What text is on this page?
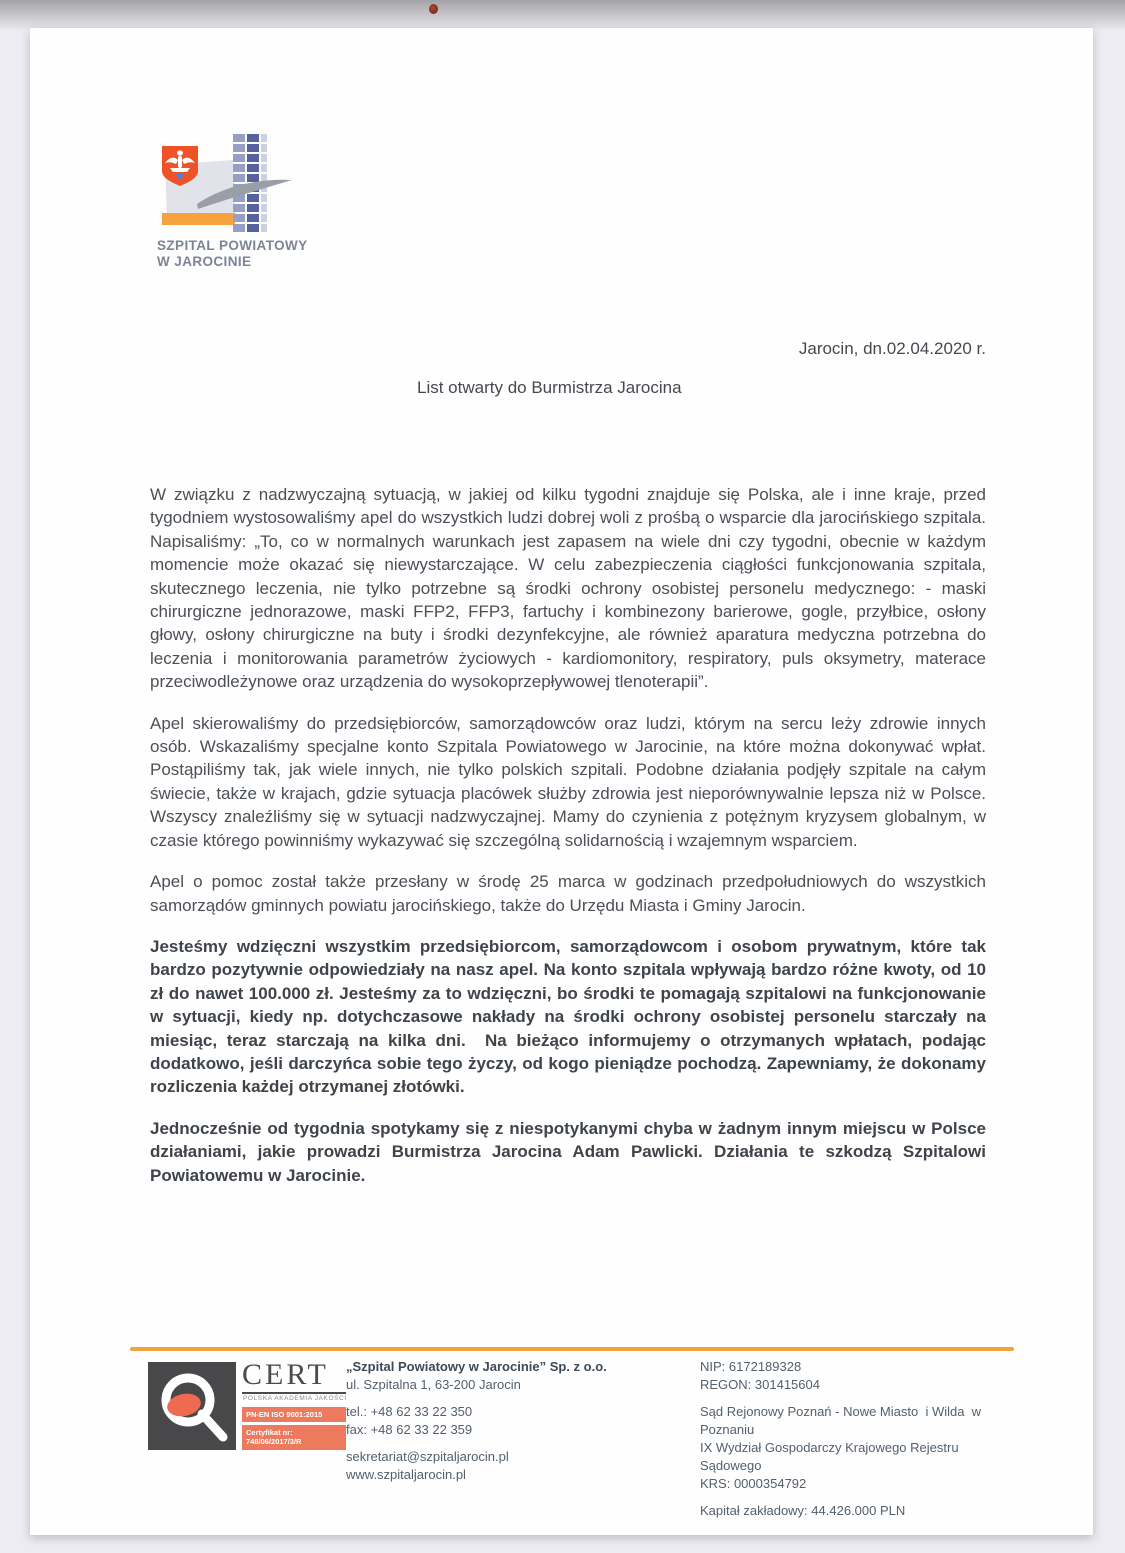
SZPITAL POWIATOWY
W JAROCINIE
Jarocin, dn.02.04.2020 r.
List otwarty do Burmistrza Jarocina

W związku z nadzwyczajną sytuacją, w jakiej od kilku tygodni znajduje się Polska, ale i inne kraje, przed tygodniem wystosowaliśmy apel do wszystkich ludzi dobrej woli z prośbą o wsparcie dla jarocińskiego szpitala. Napisaliśmy: „To, co w normalnych warunkach jest zapasem na wiele dni czy tygodni, obecnie w każdym momencie może okazać się niewystarczające. W celu zabezpieczenia ciągłości funkcjonowania szpitala, skutecznego leczenia, nie tylko potrzebne są środki ochrony osobistej personelu medycznego: - maski chirurgiczne jednorazowe, maski FFP2, FFP3, fartuchy i kombinezony barierowe, gogle, przyłbice, osłony głowy, osłony chirurgiczne na buty i środki dezynfekcyjne, ale również aparatura medyczna potrzebna do leczenia i monitorowania parametrów życiowych - kardiomonitory, respiratory, puls oksymetry, materace przeciwodleżynowe oraz urządzenia do wysokoprzepływowej tlenoterapii”.

Apel skierowaliśmy do przedsiębiorców, samorządowców oraz ludzi, którym na sercu leży zdrowie innych osób. Wskazaliśmy specjalne konto Szpitala Powiatowego w Jarocinie, na które można dokonywać wpłat. Postąpiliśmy tak, jak wiele innych, nie tylko polskich szpitali. Podobne działania podjęły szpitale na całym świecie, także w krajach, gdzie sytuacja placówek służby zdrowia jest nieporównywalnie lepsza niż w Polsce. Wszyscy znaleźliśmy się w sytuacji nadzwyczajnej. Mamy do czynienia z potężnym kryzysem globalnym, w czasie którego powinniśmy wykazywać się szczególną solidarnością i wzajemnym wsparciem.

Apel o pomoc został także przesłany w środę 25 marca w godzinach przedpołudniowych do wszystkich samorządów gminnych powiatu jarocińskiego, także do Urzędu Miasta i Gminy Jarocin.

Jesteśmy wdzięczni wszystkim przedsiębiorcom, samorządowcom i osobom prywatnym, które tak bardzo pozytywnie odpowiedziały na nasz apel. Na konto szpitala wpływają bardzo różne kwoty, od 10 zł do nawet 100.000 zł. Jesteśmy za to wdzięczni, bo środki te pomagają szpitalowi na funkcjonowanie w sytuacji, kiedy np. dotychczasowe nakłady na środki ochrony osobistej personelu starczały na miesiąc, teraz starczają na kilka dni.  Na bieżąco informujemy o otrzymanych wpłatach, podając dodatkowo, jeśli darczyńca sobie tego życzy, od kogo pieniądze pochodzą. Zapewniamy, że dokonamy rozliczenia każdej otrzymanej złotówki.

Jednocześnie od tygodnia spotykamy się z niespotykanymi chyba w żadnym innym miejscu w Polsce działaniami, jakie prowadzi Burmistrza Jarocina Adam Pawlicki. Działania te szkodzą Szpitalowi Powiatowemu w Jarocinie.

CERT
POLSKA AKADEMIA JAKOŚCI
PN-EN ISO 9001:2015
Certyfikat nr:
748/06/2017/3/R
„Szpital Powiatowy w Jarocinie” Sp. z o.o.
ul. Szpitalna 1, 63-200 Jarocin
tel.: +48 62 33 22 350
fax: +48 62 33 22 359
sekretariat@szpitaljarocin.pl
www.szpitaljarocin.pl
NIP: 6172189328
REGON: 301415604
Sąd Rejonowy Poznań - Nowe Miasto  i Wilda  w Poznaniu
IX Wydział Gospodarczy Krajowego Rejestru Sądowego
KRS: 0000354792
Kapitał zakładowy: 44.426.000 PLN
